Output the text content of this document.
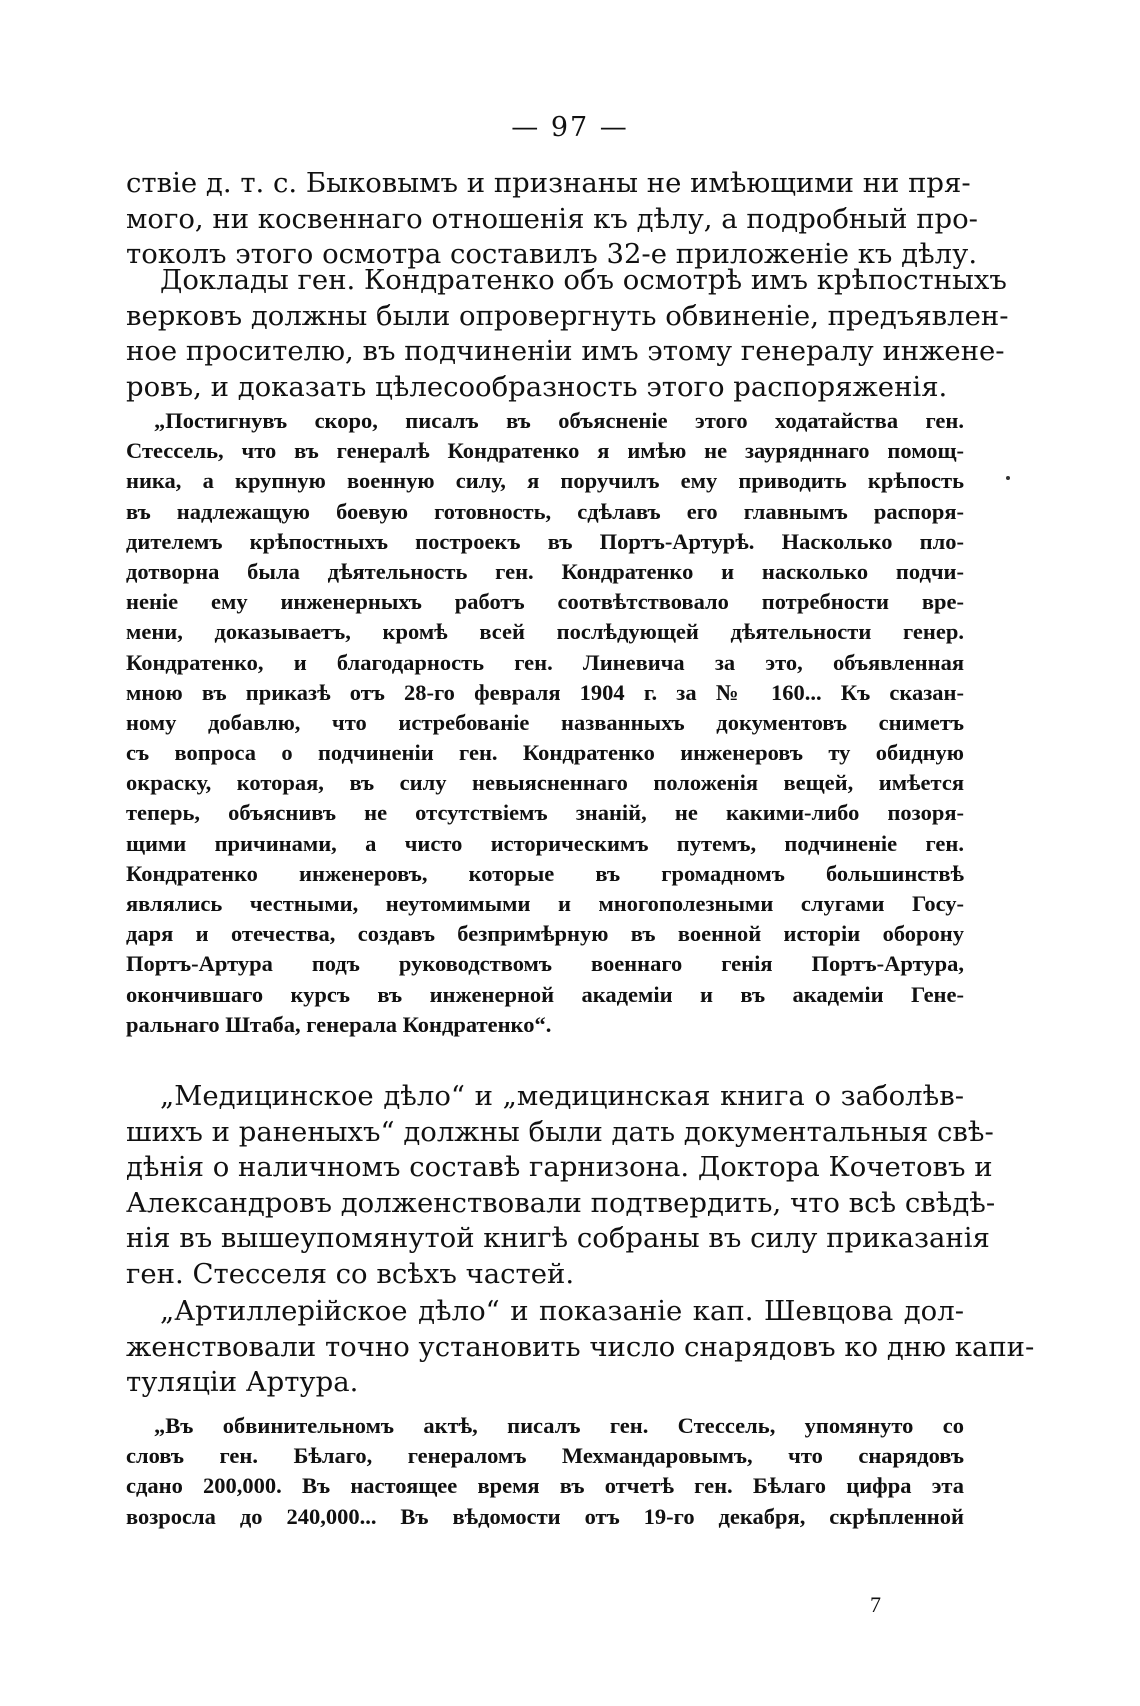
— 97 —
ствіе д. т. с. Быковымъ и признаны не имѣющими ни пря-
мого, ни косвеннаго отношенія къ дѣлу, а подробный про-
токолъ этого осмотра составилъ 32-е приложеніе къ дѣлу.
Доклады ген. Кондратенко объ осмотрѣ имъ крѣпостныхъ
верковъ должны были опровергнуть обвиненіе, предъявлен-
ное просителю, въ подчиненіи имъ этому генералу инжене-
ровъ, и доказать цѣлесообразность этого распоряженія.
„Постигнувъ скоро, писалъ въ объясненіе этого ходатайства ген.
Стессель, что въ генералѣ Кондратенко я имѣю не заурядннаго помощ-
ника, а крупную военную силу, я поручилъ ему приводить крѣпость
въ надлежащую боевую готовность, сдѣлавъ его главнымъ распоря-
дителемъ крѣпостныхъ построекъ въ Портъ-Артурѣ. Насколько пло-
дотворна была дѣятельность ген. Кондратенко и насколько подчи-
неніе ему инженерныхъ работъ соотвѣтствовало потребности вре-
мени, доказываетъ, кромѣ всей послѣдующей дѣятельности генер.
Кондратенко, и благодарность ген. Линевича за это, объявленная
мною въ приказѣ отъ 28-го февраля 1904 г. за № 160... Къ сказан-
ному добавлю, что истребованіе названныхъ документовъ сниметъ
съ вопроса о подчиненіи ген. Кондратенко инженеровъ ту обидную
окраску, которая, въ силу невыясненнаго положенія вещей, имѣется
теперь, объяснивъ не отсутствіемъ знаній, не какими-либо позоря-
щими причинами, а чисто историческимъ путемъ, подчиненіе ген.
Кондратенко инженеровъ, которые въ громадномъ большинствѣ
являлись честными, неутомимыми и многополезными слугами Госу-
даря и отечества, создавъ безпримѣрную въ военной исторіи оборону
Портъ-Артура подъ руководствомъ военнаго генія Портъ-Артура,
окончившаго курсъ въ инженерной академіи и въ академіи Гене-
ральнаго Штаба, генерала Кондратенко“.
„Медицинское дѣло“ и „медицинская книга о заболѣв-
шихъ и раненыхъ“ должны были дать документальныя свѣ-
дѣнія о наличномъ составѣ гарнизона. Доктора Кочетовъ и
Александровъ долженствовали подтвердить, что всѣ свѣдѣ-
нія въ вышеупомянутой книгѣ собраны въ силу приказанія
ген. Стесселя со всѣхъ частей.
„Артиллерійское дѣло“ и показаніе кап. Шевцова дол-
женствовали точно установить число снарядовъ ко дню капи-
туляціи Артура.
„Въ обвинительномъ актѣ, писалъ ген. Стессель, упомянуто со
словъ ген. Бѣлаго, генераломъ Мехмандаровымъ, что снарядовъ
сдано 200,000. Въ настоящее время въ отчетѣ ген. Бѣлаго цифра эта
возросла до 240,000... Въ вѣдомости отъ 19-го декабря, скрѣпленной
7
